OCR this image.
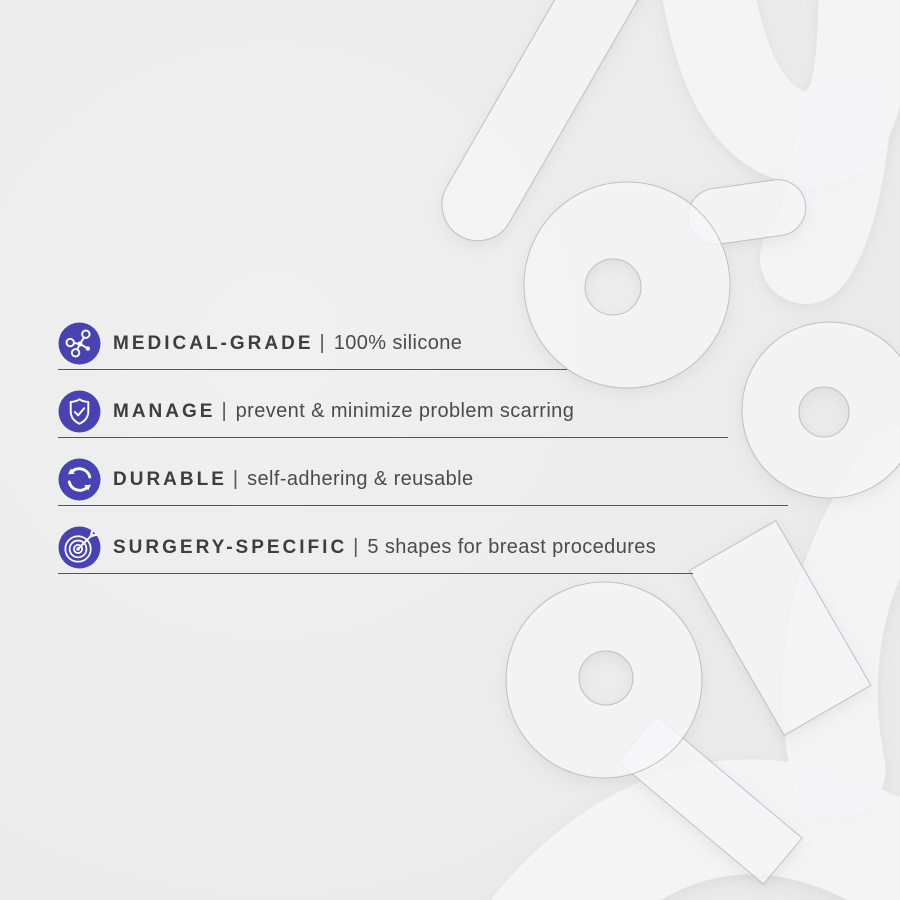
MEDICAL-GRADE | 100% silicone
MANAGE | prevent & minimize problem scarring
DURABLE | self-adhering & reusable
SURGERY-SPECIFIC | 5 shapes for breast procedures
